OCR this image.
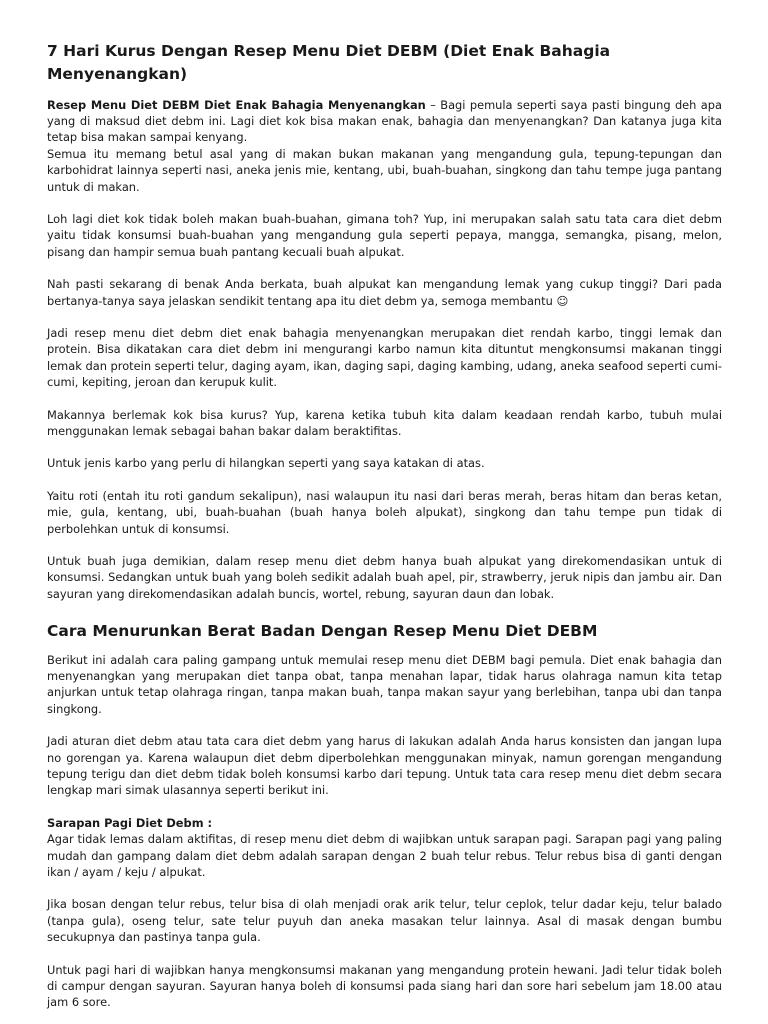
7 Hari Kurus Dengan Resep Menu Diet DEBM (Diet Enak Bahagia Menyenangkan)

Resep Menu Diet DEBM Diet Enak Bahagia Menyenangkan – Bagi pemula seperti saya pasti bingung deh apa yang di maksud diet debm ini. Lagi diet kok bisa makan enak, bahagia dan menyenangkan? Dan katanya juga kita tetap bisa makan sampai kenyang.
Semua itu memang betul asal yang di makan bukan makanan yang mengandung gula, tepung-tepungan dan karbohidrat lainnya seperti nasi, aneka jenis mie, kentang, ubi, buah-buahan, singkong dan tahu tempe juga pantang untuk di makan.

Loh lagi diet kok tidak boleh makan buah-buahan, gimana toh? Yup, ini merupakan salah satu tata cara diet debm yaitu tidak konsumsi buah-buahan yang mengandung gula seperti pepaya, mangga, semangka, pisang, melon, pisang dan hampir semua buah pantang kecuali buah alpukat.

Nah pasti sekarang di benak Anda berkata, buah alpukat kan mengandung lemak yang cukup tinggi? Dari pada bertanya-tanya saya jelaskan sendikit tentang apa itu diet debm ya, semoga membantu ☺

Jadi resep menu diet debm diet enak bahagia menyenangkan merupakan diet rendah karbo, tinggi lemak dan protein. Bisa dikatakan cara diet debm ini mengurangi karbo namun kita dituntut mengkonsumsi makanan tinggi lemak dan protein seperti telur, daging ayam, ikan, daging sapi, daging kambing, udang, aneka seafood seperti cumi-cumi, kepiting, jeroan dan kerupuk kulit.

Makannya berlemak kok bisa kurus? Yup, karena ketika tubuh kita dalam keadaan rendah karbo, tubuh mulai menggunakan lemak sebagai bahan bakar dalam beraktifitas.

Untuk jenis karbo yang perlu di hilangkan seperti yang saya katakan di atas.

Yaitu roti (entah itu roti gandum sekalipun), nasi walaupun itu nasi dari beras merah, beras hitam dan beras ketan, mie, gula, kentang, ubi, buah-buahan (buah hanya boleh alpukat), singkong dan tahu tempe pun tidak di perbolehkan untuk di konsumsi.

Untuk buah juga demikian, dalam resep menu diet debm hanya buah alpukat yang direkomendasikan untuk di konsumsi. Sedangkan untuk buah yang boleh sedikit adalah buah apel, pir, strawberry, jeruk nipis dan jambu air. Dan sayuran yang direkomendasikan adalah buncis, wortel, rebung, sayuran daun dan lobak.

Cara Menurunkan Berat Badan Dengan Resep Menu Diet DEBM

Berikut ini adalah cara paling gampang untuk memulai resep menu diet DEBM bagi pemula. Diet enak bahagia dan menyenangkan yang merupakan diet tanpa obat, tanpa menahan lapar, tidak harus olahraga namun kita tetap anjurkan untuk tetap olahraga ringan, tanpa makan buah, tanpa makan sayur yang berlebihan, tanpa ubi dan tanpa singkong.

Jadi aturan diet debm atau tata cara diet debm yang harus di lakukan adalah Anda harus konsisten dan jangan lupa no gorengan ya. Karena walaupun diet debm diperbolehkan menggunakan minyak, namun gorengan mengandung tepung terigu dan diet debm tidak boleh konsumsi karbo dari tepung. Untuk tata cara resep menu diet debm secara lengkap mari simak ulasannya seperti berikut ini.

Sarapan Pagi Diet Debm :
Agar tidak lemas dalam aktifitas, di resep menu diet debm di wajibkan untuk sarapan pagi. Sarapan pagi yang paling mudah dan gampang dalam diet debm adalah sarapan dengan 2 buah telur rebus. Telur rebus bisa di ganti dengan ikan / ayam / keju / alpukat.

Jika bosan dengan telur rebus, telur bisa di olah menjadi orak arik telur, telur ceplok, telur dadar keju, telur balado (tanpa gula), oseng telur, sate telur puyuh dan aneka masakan telur lainnya. Asal di masak dengan bumbu secukupnya dan pastinya tanpa gula.

Untuk pagi hari di wajibkan hanya mengkonsumsi makanan yang mengandung protein hewani. Jadi telur tidak boleh di campur dengan sayuran. Sayuran hanya boleh di konsumsi pada siang hari dan sore hari sebelum jam 18.00 atau jam 6 sore.
